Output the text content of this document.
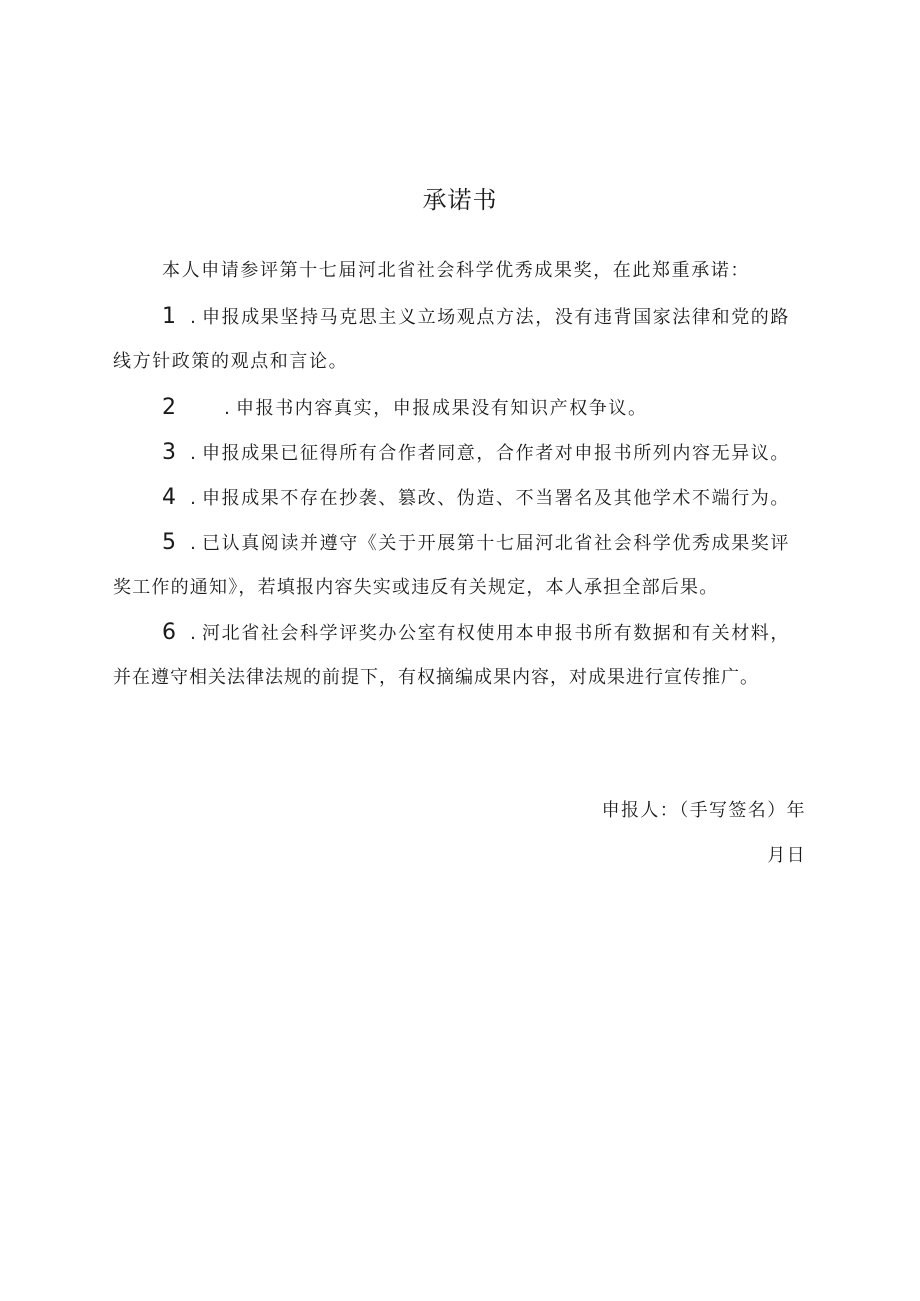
承诺书
本人申请参评第十七届河北省社会科学优秀成果奖，在此郑重承诺：
1 . 申报成果坚持马克思主义立场观点方法，没有违背国家法律和党的路
线方针政策的观点和言论。
2	. 申报书内容真实，申报成果没有知识产权争议。
3 . 申报成果已征得所有合作者同意，合作者对申报书所列内容无异议。
4 . 申报成果不存在抄袭、篡改、伪造、不当署名及其他学术不端行为。
5 . 已认真阅读并遵守《关于开展第十七届河北省社会科学优秀成果奖评
奖工作的通知》，若填报内容失实或违反有关规定，本人承担全部后果。
6 . 河北省社会科学评奖办公室有权使用本申报书所有数据和有关材料，
并在遵守相关法律法规的前提下，有权摘编成果内容，对成果进行宣传推广。
申报人：（手写签名）年
月日
